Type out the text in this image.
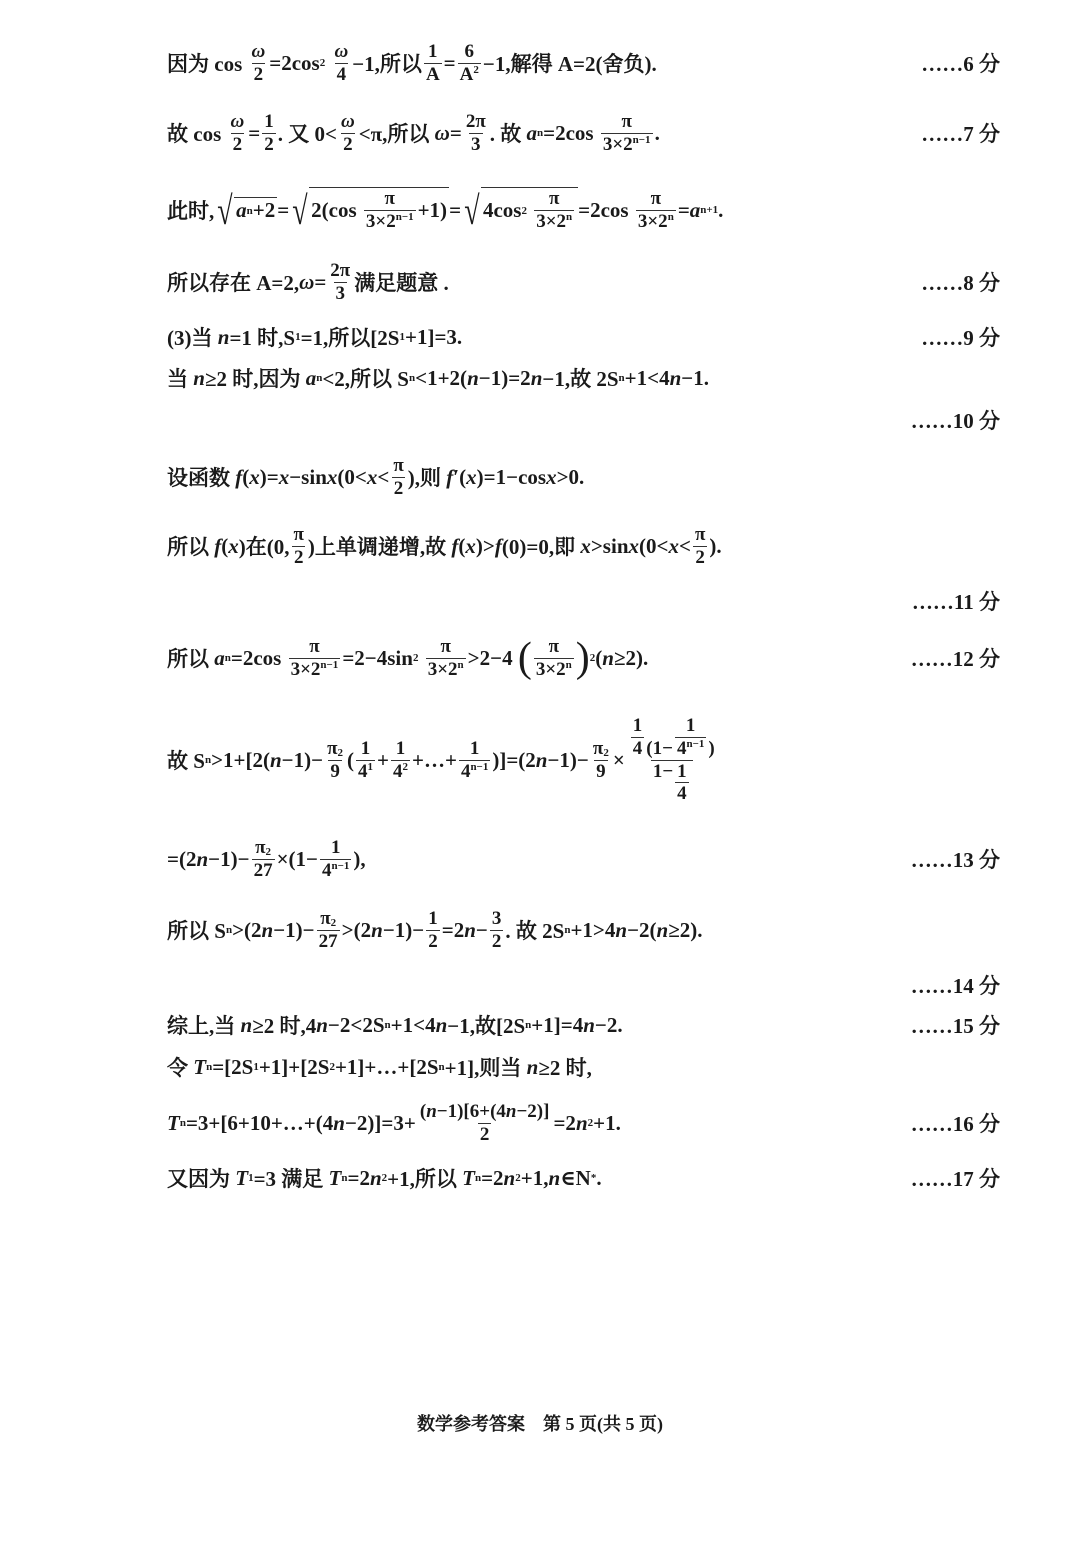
因为 $\cos \frac{\omega}{2} =2\cos$ 2
$\frac{\omega}{4} -1$,所以 $\frac{1}{A} = \frac{6}{A 2} -1$,解得 A=2(舍负).	……6 分
故 $\cos \frac{\omega}{2} = \frac{1}{2}$ . 又 $0< \frac{\omega}{2} <\pi$,所以 $\omega = \frac{2\pi}{3}$ . 故 a $n =2\cos \frac{\pi}{3\times 2 n-1}$ .	……7 分
此时, √ a n +2 = √ $2(\cos \frac{\pi}{3\times 2 n-1} +1)$ = √ 4cos 2
$\frac{\pi}{3\times 2 n} =2\cos \frac{\pi}{3\times 2 n} = a$ n+1 .
所以存在 A=2, $\omega = \frac{2\pi}{3}$ 满足题意 .	……8 分
(3)当 n =1 时,S 1 =1,所以[2S 1 +1]=3.	……9 分
当 n ≥2 时,因为 a n <2,所以 S n <1+2( n −1)=2 n −1,故 2S n +1<4 n −1.
……10 分
设函数 f ( x )= x −sin x ($0< x < \frac{\pi}{2}$ ),则 f ′( x )=1−cos x >0.
所以 f ( x )在(0, $\frac{\pi}{2}$ )上单调递增,故 f ( x )> f (0)=0,即 x >sin x ($0< x < \frac{\pi}{2}$ ).
……11 分
所以 a $n =2\cos \frac{\pi}{3\times 2 n-1} =2-4\sin$ 2
$\frac{\pi}{3\times 2 n} >2-4$ ( $\frac{\pi}{3\times 2 n}$ ) 2 ( n ≥2).	……12 分
故 S n >1+[2( $n -1)- \frac{\pi 2}{9}$ ( $\frac{1}{4 1} + \frac{1}{4 2}$ +…+ $\frac{1}{4 n-1} )]=(2$ $n -1)- \frac{\pi 2}{9} \times \frac{\frac{1}{4} (1- \frac{1}{4 n-1} )}{1- \frac{1}{4}}$
=(2 $n -1)- \frac{\pi 2}{27} \times(1- \frac{1}{4 n-1}$ ),	……13 分
所以 S n >(2 $n -1)- \frac{\pi 2}{27} >(2$ $n -1)- \frac{1}{2} =2$ $n - \frac{3}{2}$ . 故 2S n +1>4 n −2( n ≥2).
……14 分
综上,当 n ≥2 时,4 n −2<2S n +1<4 n −1,故[2S n +1]=4 n −2.	……15 分
令 T n =[2S 1 +1]+[2S 2 +1]+…+[2S n +1],则当 n ≥2 时,
T n =3+[6+10+…+(4 $n -2)]=3+ \frac{( n -1)[6+(4 n -2)]}{2} =2$ n 2 +1.	……16 分
又因为 T 1 =3 满足 T n =2 n 2 +1,所以 T n =2 n 2 +1, n ∈N * .	……17 分
数学参考答案　第 5 页(共 5 页)
